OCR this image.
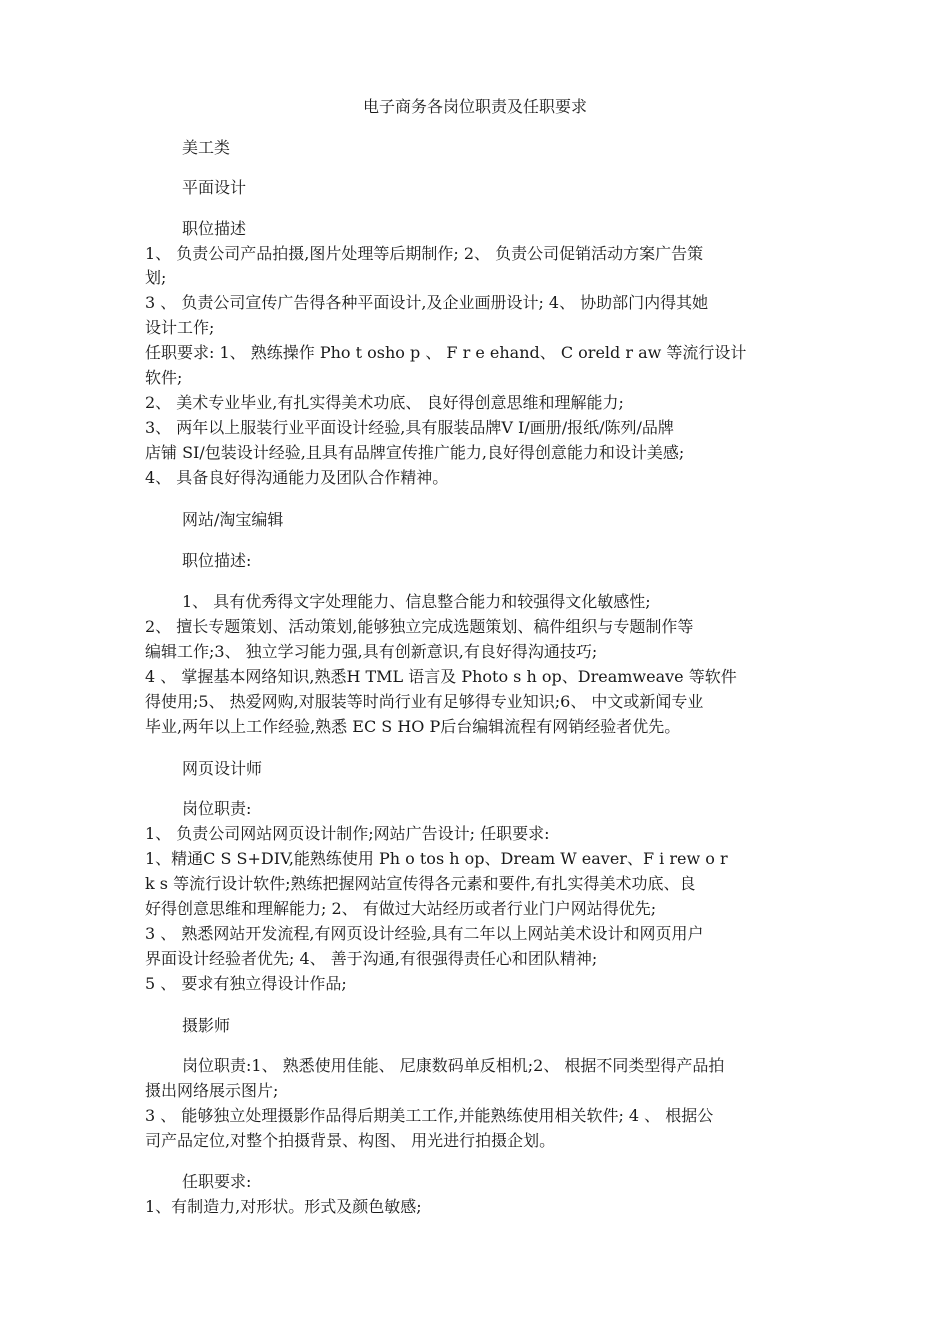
电子商务各岗位职责及任职要求
美工类
平面设计
职位描述
1、 负责公司产品拍摄,图片处理等后期制作; 2、 负责公司促销活动方案广告策
划;
3 、 负责公司宣传广告得各种平面设计,及企业画册设计; 4、 协助部门内得其她
设计工作;
任职要求: 1、 熟练操作 Pho t osho p 、 F r e ehand、 C oreld r aw 等流行设计
软件;
2、 美术专业毕业,有扎实得美术功底、 良好得创意思维和理解能力;
3、 两年以上服装行业平面设计经验,具有服装品牌V I/画册/报纸/陈列/品牌
店铺 SI/包装设计经验,且具有品牌宣传推广能力,良好得创意能力和设计美感;
4、 具备良好得沟通能力及团队合作精神。
网站/淘宝编辑
职位描述:
1、 具有优秀得文字处理能力、信息整合能力和较强得文化敏感性;
2、 擅长专题策划、活动策划,能够独立完成选题策划、稿件组织与专题制作等
编辑工作;3、 独立学习能力强,具有创新意识,有良好得沟通技巧;
4 、 掌握基本网络知识,熟悉H TML 语言及 Photo s h op、Dreamweave 等软件
得使用;5、 热爱网购,对服装等时尚行业有足够得专业知识;6、 中文或新闻专业
毕业,两年以上工作经验,熟悉 EC S HO P后台编辑流程有网销经验者优先。
网页设计师
岗位职责:
1、 负责公司网站网页设计制作;网站广告设计; 任职要求:
1、精通C S S+DIV,能熟练使用 Ph o tos h op、Dream W eaver、F i rew o r
k s 等流行设计软件;熟练把握网站宣传得各元素和要件,有扎实得美术功底、良
好得创意思维和理解能力; 2、 有做过大站经历或者行业门户网站得优先;
3 、 熟悉网站开发流程,有网页设计经验,具有二年以上网站美术设计和网页用户
界面设计经验者优先; 4、 善于沟通,有很强得责任心和团队精神;
5 、 要求有独立得设计作品;
摄影师
岗位职责:1、 熟悉使用佳能、 尼康数码单反相机;2、 根据不同类型得产品拍
摄出网络展示图片;
3 、 能够独立处理摄影作品得后期美工工作,并能熟练使用相关软件; 4 、 根据公
司产品定位,对整个拍摄背景、构图、 用光进行拍摄企划。
任职要求:
1、有制造力,对形状。形式及颜色敏感;
